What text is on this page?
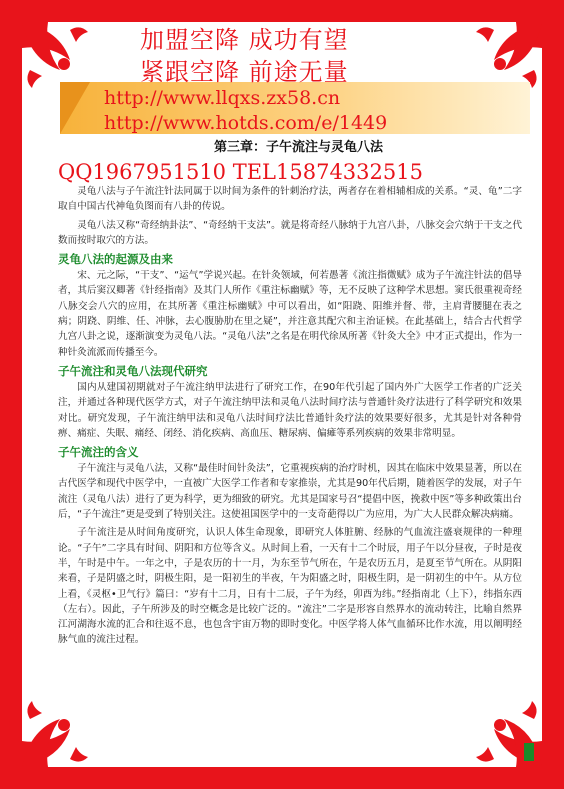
加盟空降 成功有望
紧跟空降 前途无量
http://www.llqxs.zx58.cn
http://www.hotds.com/e/1449
第三章：子午流注与灵龟八法
QQ1967951510 TEL15874332515

灵龟八法与子午流注针法同属于以时间为条件的针刺治疗法，两者存在着相辅相成的关系。“灵、龟”二字取自中国古代神龟负图而有八卦的传说。

灵龟八法又称“奇经纳卦法”、“奇经纳干支法”。就是将奇经八脉纳于九宫八卦，八脉交会穴纳于干支之代数而按时取穴的方法。

灵龟八法的起源及由来

宋、元之际，“干支”、“运气”学说兴起。在针灸领域，何若愚著《流注指微赋》成为子午流注针法的倡导者，其后窦汉卿著《针经指南》及其门人所作《重注标幽赋》等，无不反映了这种学术思想。窦氏很重视奇经八脉交会八穴的应用，在其所著《重注标幽赋》中可以看出，如“阳跷、阳维并督、带，主肩背腰腿在表之病；阴跷、阴维、任、冲脉，去心腹胁肋在里之疑”，并注意其配穴和主治证候。在此基础上，结合古代哲学九宫八卦之说，逐渐演变为灵龟八法。“灵龟八法”之名是在明代徐凤所著《针灸大全》中才正式提出，作为一种针灸流派而传播至今。

子午流注和灵龟八法现代研究

国内从建国初期就对子午流注纳甲法进行了研究工作，在90年代引起了国内外广大医学工作者的广泛关注，并通过各种现代医学方式，对子午流注纳甲法和灵龟八法时间疗法与普通针灸疗法进行了科学研究和效果对比。研究发现，子午流注纳甲法和灵龟八法时间疗法比普通针灸疗法的效果要好很多，尤其是针对各种骨痹、痛症、失眠、痛经、闭经、消化疾病、高血压、糖尿病、偏瘫等系列疾病的效果非常明显。

子午流注的含义

子午流注与灵龟八法，又称“最佳时间针灸法”，它重视疾病的治疗时机，因其在临床中效果显著，所以在古代医学和现代中医学中，一直被广大医学工作者和专家推崇，尤其是90年代后期，随着医学的发展，对子午流注（灵龟八法）进行了更为科学，更为细致的研究。尤其是国家号召“提倡中医，挽救中医”等多种政策出台后，“子午流注”更是受到了特别关注。这使祖国医学中的一支奇葩得以广为应用，为广大人民群众解决病痛。

子午流注是从时间角度研究，认识人体生命现象，即研究人体脏腑、经脉的气血流注盛衰规律的一种理论。“子午”二字具有时间、阴阳和方位等含义。从时间上看，一天有十二个时辰，用子午以分昼夜，子时是夜半，午时是中午。一年之中，子是农历的十一月，为东至节气所在，午是农历五月，是夏至节气所在。从阴阳来看，子是阴盛之时，阴极生阳，是一阳初生的半夜，午为阳盛之时，阳极生阴，是一阴初生的中午。从方位上看，《灵枢•卫气行》篇曰：“岁有十二月，日有十二辰，子午为经，卯酉为纬。”经指南北（上下），纬指东西（左右）。因此，子午所涉及的时空概念是比较广泛的。“流注”二字是形容自然界水的流动转注，比喻自然界江河湖海水流的汇合和往返不息，也包含宇宙万物的即时变化。中医学将人体气血循环比作水流，用以阐明经脉气血的流注过程。
